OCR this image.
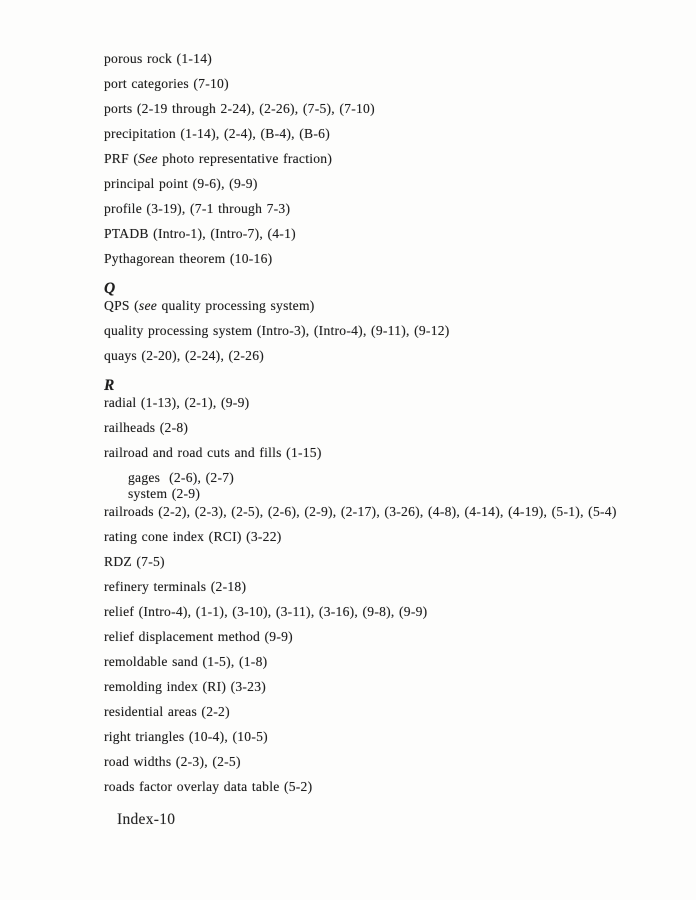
porous rock (1-14)
port categories (7-10)
ports (2-19 through 2-24), (2-26), (7-5), (7-10)
precipitation (1-14), (2-4), (B-4), (B-6)
PRF (See photo representative fraction)
principal point (9-6), (9-9)
profile (3-19), (7-1 through 7-3)
PTADB (Intro-1), (Intro-7), (4-1)
Pythagorean theorem (10-16)
Q
QPS (see quality processing system)
quality processing system (Intro-3), (Intro-4), (9-11), (9-12)
quays (2-20), (2-24), (2-26)
R
radial (1-13), (2-1), (9-9)
railheads (2-8)
railroad and road cuts and fills (1-15)
gages  (2-6), (2-7)
system (2-9)
railroads (2-2), (2-3), (2-5), (2-6), (2-9), (2-17), (3-26), (4-8), (4-14), (4-19), (5-1), (5-4)
rating cone index (RCI) (3-22)
RDZ (7-5)
refinery terminals (2-18)
relief (Intro-4), (1-1), (3-10), (3-11), (3-16), (9-8), (9-9)
relief displacement method (9-9)
remoldable sand (1-5), (1-8)
remolding index (RI) (3-23)
residential areas (2-2)
right triangles (10-4), (10-5)
road widths (2-3), (2-5)
roads factor overlay data table (5-2)
Index-10
